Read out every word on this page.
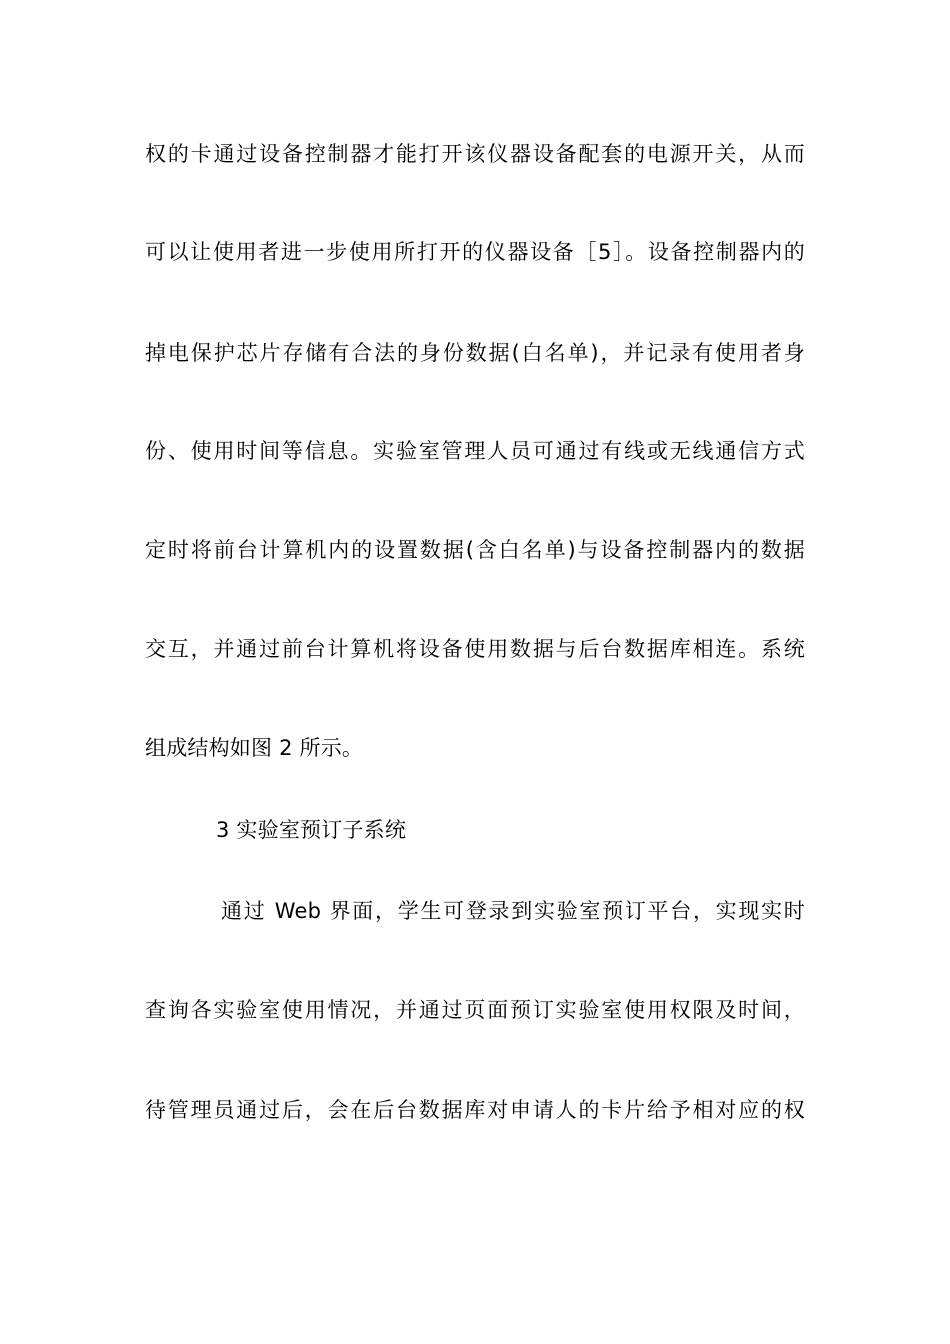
权的卡通过设备控制器才能打开该仪器设备配套的电源开关，从而
可以让使用者进一步使用所打开的仪器设备［5］。设备控制器内的
掉电保护芯片存储有合法的身份数据(白名单)，并记录有使用者身
份、使用时间等信息。实验室管理人员可通过有线或无线通信方式
定时将前台计算机内的设置数据(含白名单)与设备控制器内的数据
交互，并通过前台计算机将设备使用数据与后台数据库相连。系统
组成结构如图 2 所示。
3 实验室预订子系统
通过 Web 界面，学生可登录到实验室预订平台，实现实时
查询各实验室使用情况，并通过页面预订实验室使用权限及时间，
待管理员通过后，会在后台数据库对申请人的卡片给予相对应的权
